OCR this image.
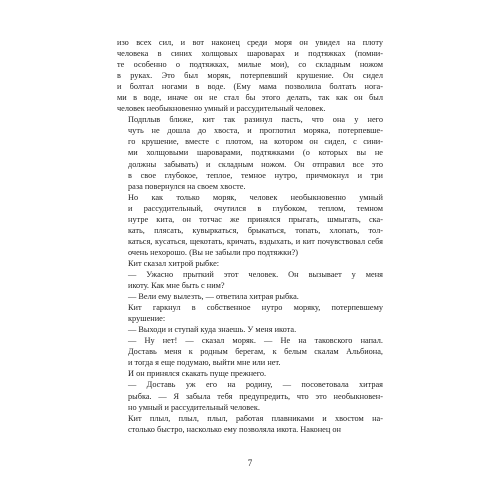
изо всех сил, и вот наконец среди моря он увидел на плоту
человека в синих холщовых шароварах и подтяжках (помни-
те особенно о подтяжках, милые мои), со складным ножом
в руках. Это был моряк, потерпевший крушение. Он сидел
и болтал ногами в воде. (Ему мама позволила болтать нога-
ми в воде, иначе он не стал бы этого делать, так как он был
человек необыкновенно умный и рассудительный человек.

Подплыв ближе, кит так разинул пасть, что она у него
чуть не дошла до хвоста, и проглотил моряка, потерпевше-
го крушение, вместе с плотом, на котором он сидел, с сини-
ми холщовыми шароварами, подтяжками (о которых вы не
должны забывать) и складным ножом. Он отправил все это
в свое глубокое, теплое, темное нутро, причмокнул и три
раза повернулся на своем хвосте.

Но как только моряк, человек необыкновенно умный
и рассудительный, очутился в глубоком, теплом, темном
нутре кита, он тотчас же принялся прыгать, шмыгать, ска-
кать, плясать, кувыркаться, брыкаться, топать, хлопать, тол-
каться, кусаться, щекотать, кричать, вздыхать, и кит почувствовал себя
очень нехорошо. (Вы не забыли про подтяжки?)

Кит сказал хитрой рыбке:

— Ужасно прыткий этот человек. Он вызывает у меня
икоту. Как мне быть с ним?

— Вели ему вылезть, — ответила хитрая рыбка.

Кит гаркнул в собственное нутро моряку, потерпевшему
крушение:

— Выходи и ступай куда знаешь. У меня икота.

— Ну нет! — сказал моряк. — Не на таковского напал.
Доставь меня к родным берегам, к белым скалам Альбиона,
и тогда я еще подумаю, выйти мне или нет.

И он принялся скакать пуще прежнего.

— Доставь уж его на родину, — посоветовала хитрая
рыбка. — Я забыла тебя предупредить, что это необыкновен-
но умный и рассудительный человек.

Кит плыл, плыл, плыл, работая плавниками и хвостом на-
столько быстро, насколько ему позволяла икота. Наконец он

7
